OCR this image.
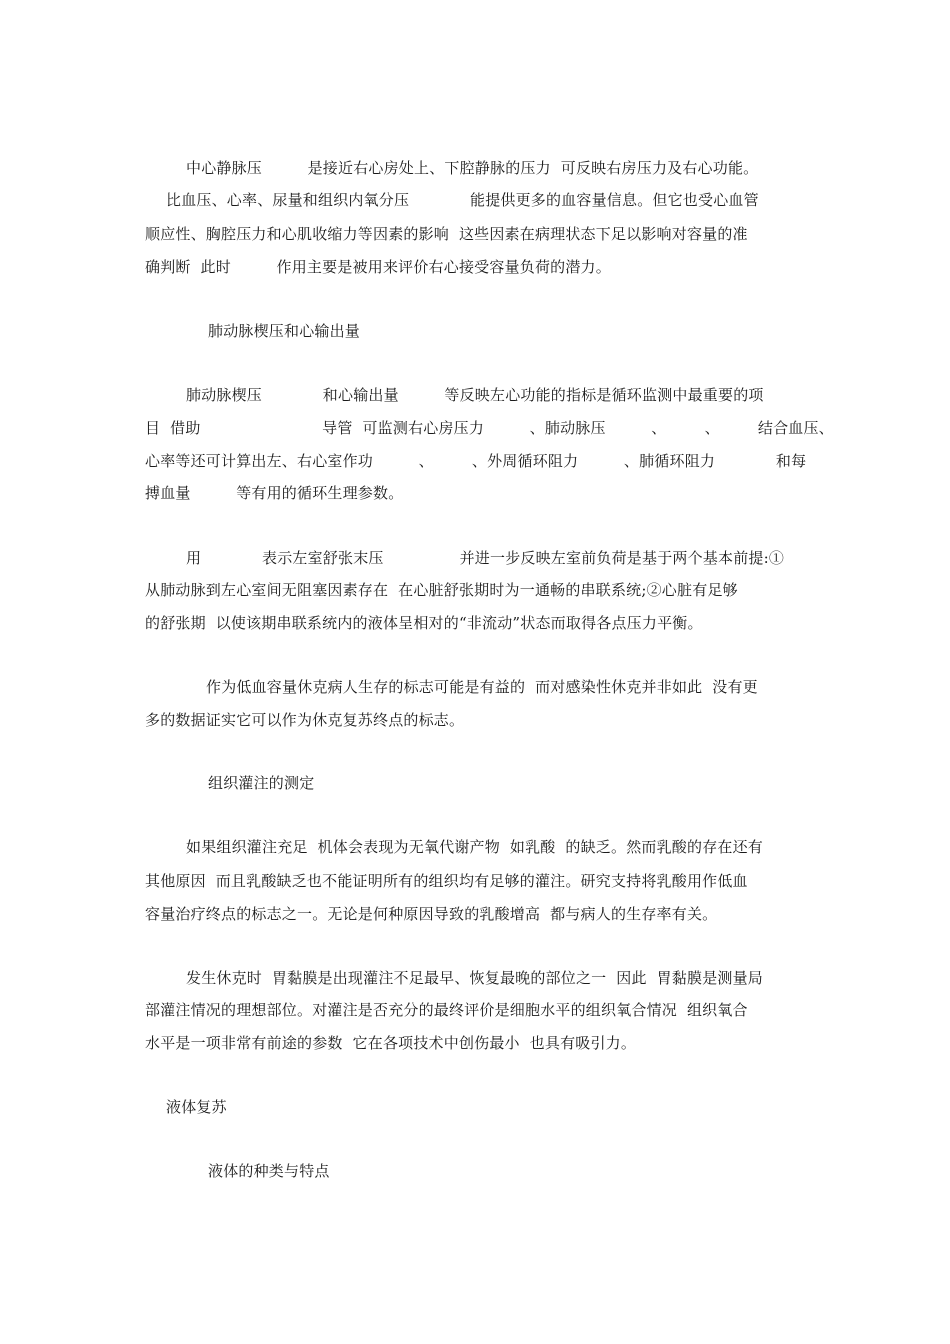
中心静脉压　　　是接近右心房处上、下腔静脉的压力  可反映右房压力及右心功能。
比血压、心率、尿量和组织内氧分压　　　　能提供更多的血容量信息。但它也受心血管
顺应性、胸腔压力和心肌收缩力等因素的影响  这些因素在病理状态下足以影响对容量的准
确判断  此时　　　作用主要是被用来评价右心接受容量负荷的潜力。
肺动脉楔压和心输出量
肺动脉楔压　　　　和心输出量　　　等反映左心功能的指标是循环监测中最重要的项
目  借助　　　　　　　　导管  可监测右心房压力　　　、肺动脉压　　　、　　　、　　　结合血压、
心率等还可计算出左、右心室作功　　　、　　　、外周循环阻力　　　、肺循环阻力　　　　和每
搏血量　　　等有用的循环生理参数。
用　　　　表示左室舒张末压　　　　　并进一步反映左室前负荷是基于两个基本前提:①
从肺动脉到左心室间无阻塞因素存在  在心脏舒张期时为一通畅的串联系统;②心脏有足够
的舒张期  以使该期串联系统内的液体呈相对的“非流动”状态而取得各点压力平衡。
作为低血容量休克病人生存的标志可能是有益的  而对感染性休克并非如此  没有更
多的数据证实它可以作为休克复苏终点的标志。
组织灌注的测定
如果组织灌注充足  机体会表现为无氧代谢产物  如乳酸  的缺乏。然而乳酸的存在还有
其他原因  而且乳酸缺乏也不能证明所有的组织均有足够的灌注。研究支持将乳酸用作低血
容量治疗终点的标志之一。无论是何种原因导致的乳酸增高  都与病人的生存率有关。
发生休克时  胃黏膜是出现灌注不足最早、恢复最晚的部位之一  因此  胃黏膜是测量局
部灌注情况的理想部位。对灌注是否充分的最终评价是细胞水平的组织氧合情况  组织氧合
水平是一项非常有前途的参数  它在各项技术中创伤最小  也具有吸引力。
液体复苏
液体的种类与特点
